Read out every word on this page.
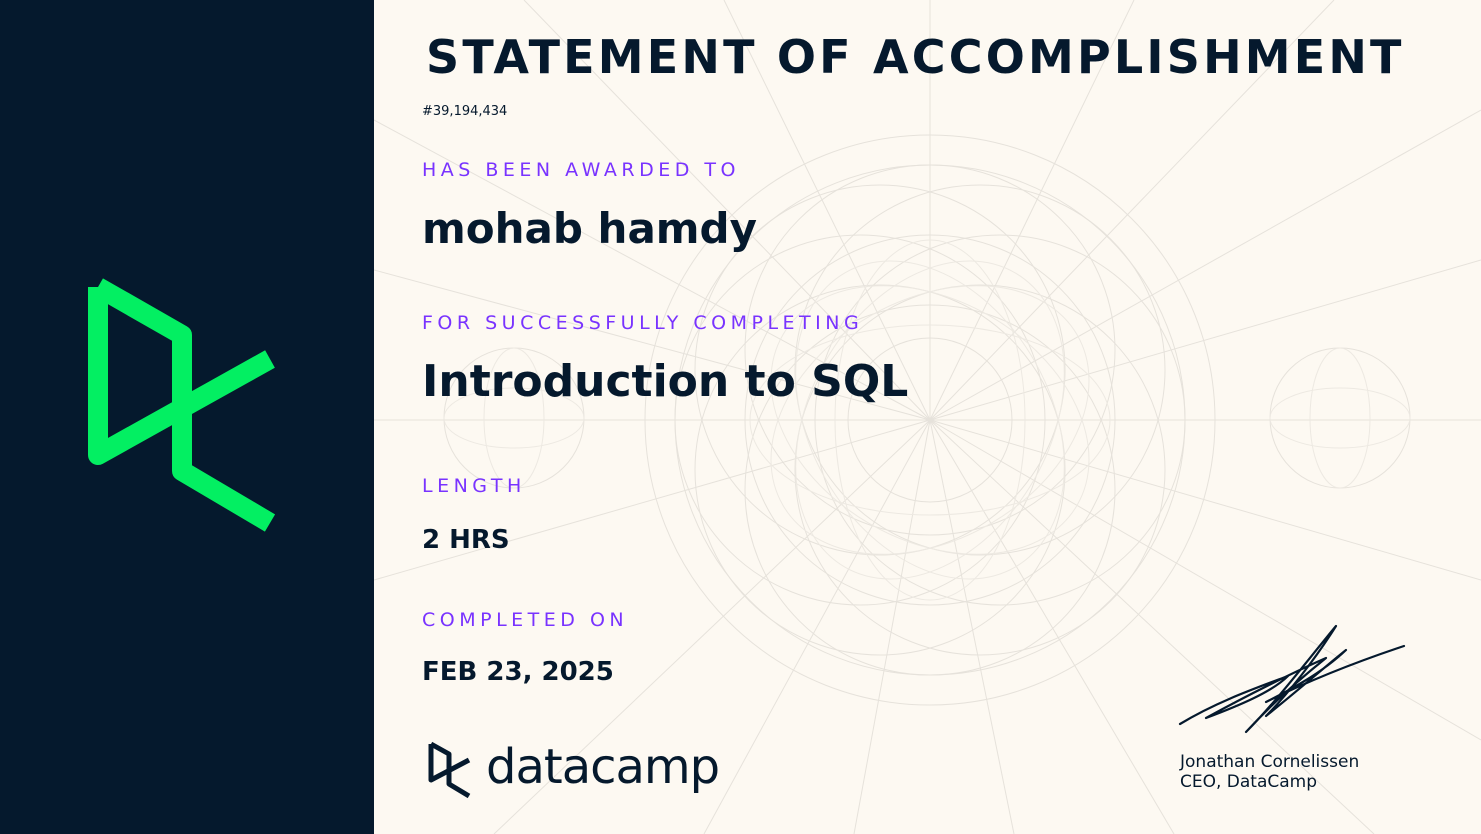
STATEMENT OF ACCOMPLISHMENT
#39,194,434
HAS BEEN AWARDED TO
mohab hamdy
FOR SUCCESSFULLY COMPLETING
Introduction to SQL
LENGTH
2 HRS
COMPLETED ON
FEB 23, 2025
datacamp	Jonathan Cornelissen
CEO, DataCamp
